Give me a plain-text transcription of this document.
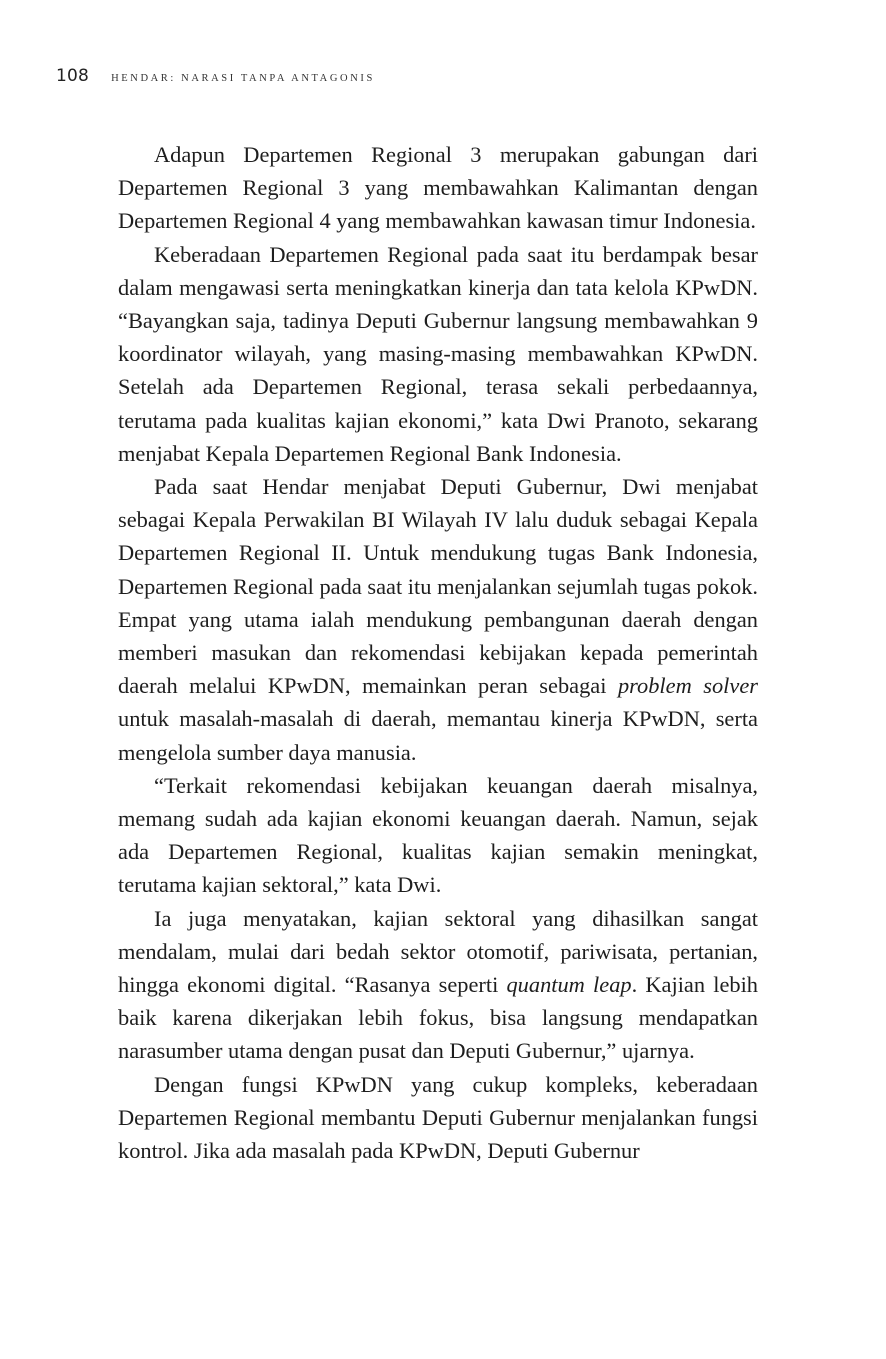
108 HENDAR: NARASI TANPA ANTAGONIS

Adapun Departemen Regional 3 merupakan gabungan dari Departemen Regional 3 yang membawahkan Kalimantan dengan Departemen Regional 4 yang membawahkan kawasan timur Indonesia.

Keberadaan Departemen Regional pada saat itu berdampak besar dalam mengawasi serta meningkatkan kinerja dan tata kelola KPwDN. “Bayangkan saja, tadinya Deputi Gubernur langsung membawahkan 9 koordinator wilayah, yang masing-masing membawahkan KPwDN. Setelah ada Departemen Regional, terasa sekali perbedaannya, terutama pada kualitas kajian ekonomi,” kata Dwi Pranoto, sekarang menjabat Kepala Departemen Regional Bank Indonesia.

Pada saat Hendar menjabat Deputi Gubernur, Dwi menjabat sebagai Kepala Perwakilan BI Wilayah IV lalu duduk sebagai Kepala Departemen Regional II. Untuk mendukung tugas Bank Indonesia, Departemen Regional pada saat itu menjalankan sejumlah tugas pokok. Empat yang utama ialah mendukung pembangunan daerah dengan memberi masukan dan rekomendasi kebijakan kepada pemerintah daerah melalui KPwDN, memainkan peran sebagai problem solver untuk masalah-masalah di daerah, memantau kinerja KPwDN, serta mengelola sumber daya manusia.

“Terkait rekomendasi kebijakan keuangan daerah misalnya, memang sudah ada kajian ekonomi keuangan daerah. Namun, sejak ada Departemen Regional, kualitas kajian semakin meningkat, terutama kajian sektoral,” kata Dwi.

Ia juga menyatakan, kajian sektoral yang dihasilkan sangat mendalam, mulai dari bedah sektor otomotif, pariwisata, pertanian, hingga ekonomi digital. “Rasanya seperti quantum leap. Kajian lebih baik karena dikerjakan lebih fokus, bisa langsung mendapatkan narasumber utama dengan pusat dan Deputi Gubernur,” ujarnya.

Dengan fungsi KPwDN yang cukup kompleks, keberadaan Departemen Regional membantu Deputi Gubernur menjalankan fungsi kontrol. Jika ada masalah pada KPwDN, Deputi Gubernur
